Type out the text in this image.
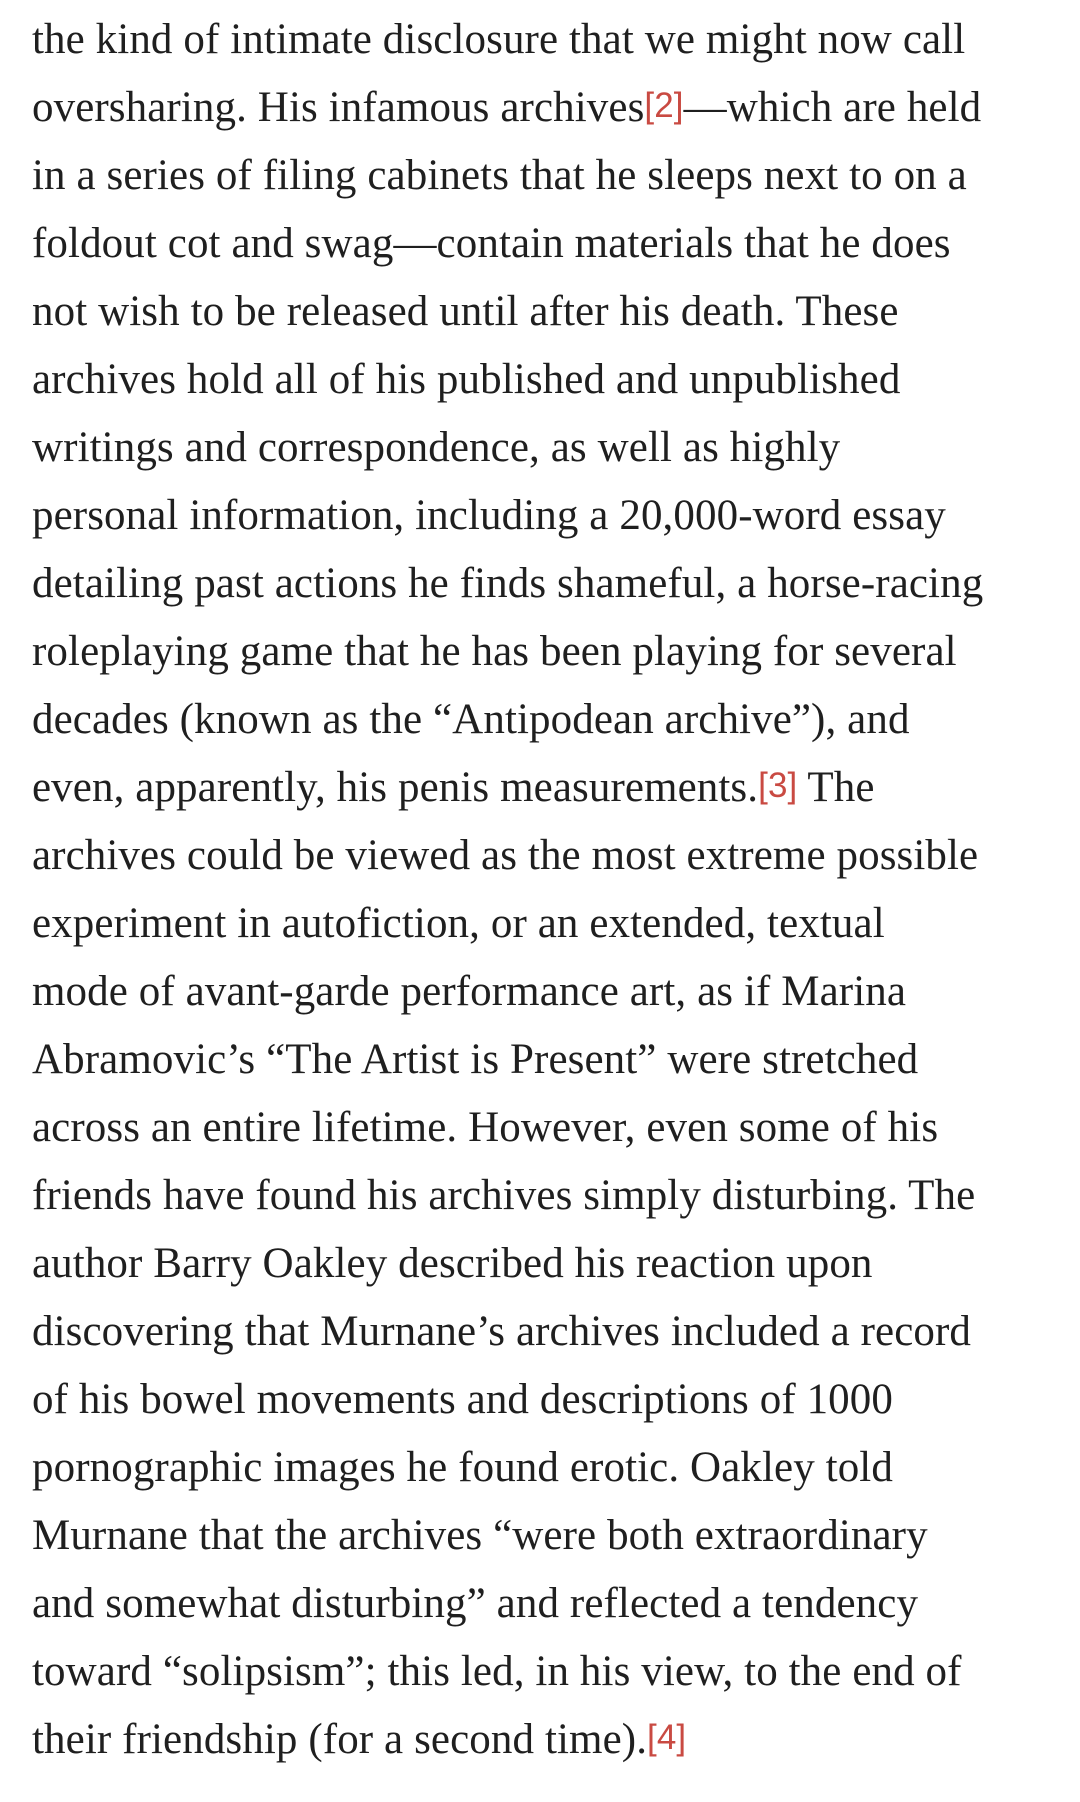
the kind of intimate disclosure that we might now call
oversharing. His infamous archives[2]—which are held
in a series of filing cabinets that he sleeps next to on a
foldout cot and swag—contain materials that he does
not wish to be released until after his death. These
archives hold all of his published and unpublished
writings and correspondence, as well as highly
personal information, including a 20,000-word essay
detailing past actions he finds shameful, a horse-racing
roleplaying game that he has been playing for several
decades (known as the “Antipodean archive”), and
even, apparently, his penis measurements.[3] The
archives could be viewed as the most extreme possible
experiment in autofiction, or an extended, textual
mode of avant-garde performance art, as if Marina
Abramovic’s “The Artist is Present” were stretched
across an entire lifetime. However, even some of his
friends have found his archives simply disturbing. The
author Barry Oakley described his reaction upon
discovering that Murnane’s archives included a record
of his bowel movements and descriptions of 1000
pornographic images he found erotic. Oakley told
Murnane that the archives “were both extraordinary
and somewhat disturbing” and reflected a tendency
toward “solipsism”; this led, in his view, to the end of
their friendship (for a second time).[4]
